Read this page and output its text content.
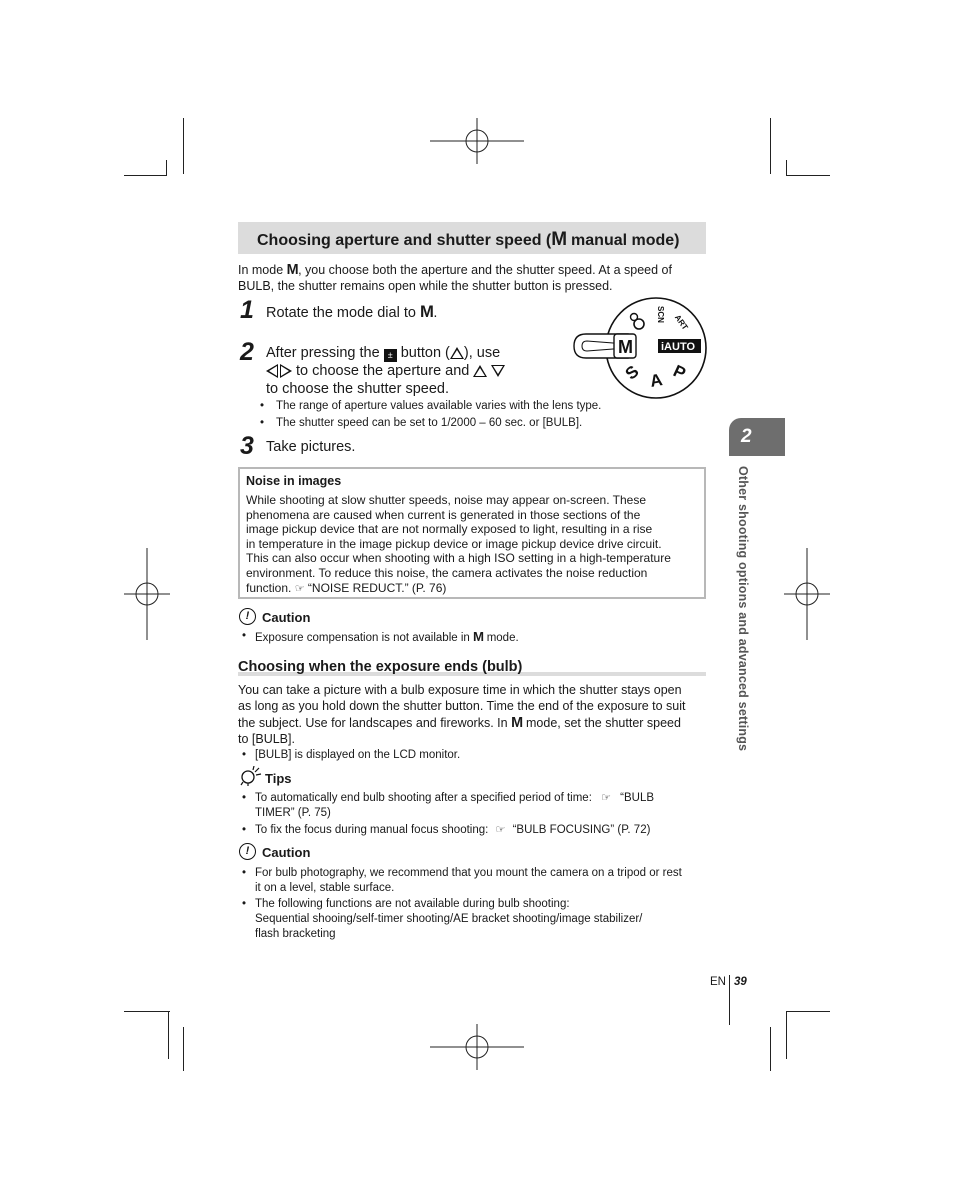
Choosing aperture and shutter speed (M manual mode)
In mode M, you choose both the aperture and the shutter speed. At a speed of
BULB, the shutter remains open while the shutter button is pressed.
1 Rotate the mode dial to M.
M	iAUTO
S A P
SCN ART
2 After pressing the ± button ( ), use
to choose the aperture and
to choose the shutter speed.
• The range of aperture values available varies with the lens type.
• The shutter speed can be set to 1/2000 – 60 sec. or [BULB].
3 Take pictures.
Noise in images
While shooting at slow shutter speeds, noise may appear on-screen. These
phenomena are caused when current is generated in those sections of the
image pickup device that are not normally exposed to light, resulting in a rise
in temperature in the image pickup device or image pickup device drive circuit.
This can also occur when shooting with a high ISO setting in a high-temperature
environment. To reduce this noise, the camera activates the noise reduction
function. ☞ “NOISE REDUCT.” (P. 76)
! Caution
• Exposure compensation is not available in M mode.
Choosing when the exposure ends (bulb)
You can take a picture with a bulb exposure time in which the shutter stays open
as long as you hold down the shutter button. Time the end of the exposure to suit
the subject. Use for landscapes and fireworks. In M mode, set the shutter speed
to [BULB].
• [BULB] is displayed on the LCD monitor.
Tips
• To automatically end bulb shooting after a specified period of time: ☞ “BULB
TIMER” (P. 75)
• To fix the focus during manual focus shooting: ☞ “BULB FOCUSING” (P. 72)
! Caution
• For bulb photography, we recommend that you mount the camera on a tripod or rest
it on a level, stable surface.
• The following functions are not available during bulb shooting:
Sequential shooing/self-timer shooting/AE bracket shooting/image stabilizer/
flash bracketing
2
Other shooting options and advanced settings
EN 39
